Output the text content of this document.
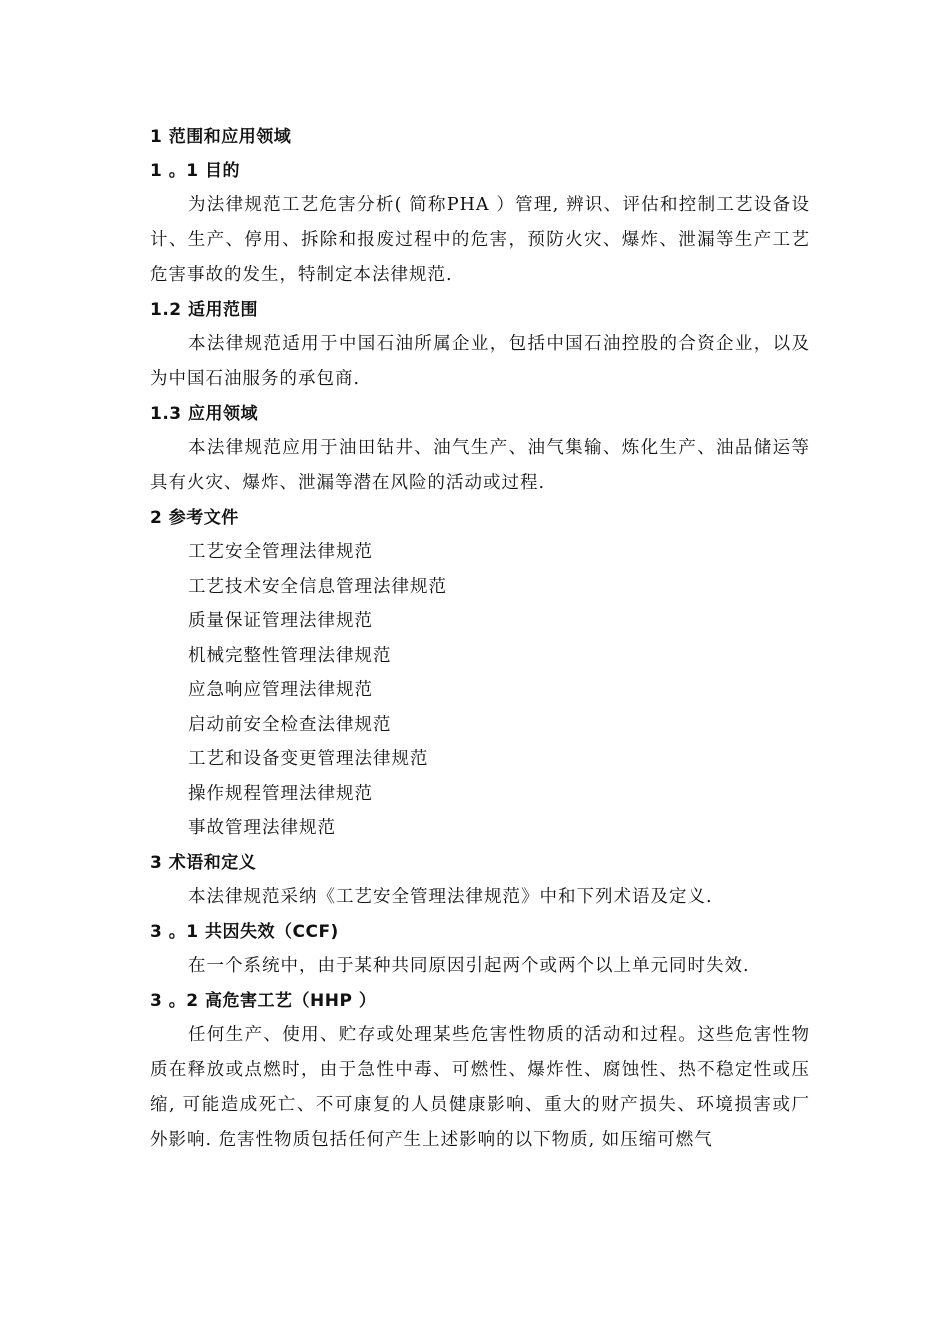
1 范围和应用领域
1 。1 目的
为法律规范工艺危害分析( 简称PHA ）管理, 辨识、评估和控制工艺设备设计、生产、停用、拆除和报废过程中的危害，预防火灾、爆炸、泄漏等生产工艺危害事故的发生，特制定本法律规范.
1.2 适用范围
本法律规范适用于中国石油所属企业，包括中国石油控股的合资企业，以及为中国石油服务的承包商.
1.3 应用领域
本法律规范应用于油田钻井、油气生产、油气集输、炼化生产、油品储运等具有火灾、爆炸、泄漏等潜在风险的活动或过程.
2 参考文件
工艺安全管理法律规范
工艺技术安全信息管理法律规范
质量保证管理法律规范
机械完整性管理法律规范
应急响应管理法律规范
启动前安全检查法律规范
工艺和设备变更管理法律规范
操作规程管理法律规范
事故管理法律规范
3 术语和定义
本法律规范采纳《工艺安全管理法律规范》中和下列术语及定义.
3 。1 共因失效（CCF)
在一个系统中，由于某种共同原因引起两个或两个以上单元同时失效.
3 。2 高危害工艺（HHP ）
任何生产、使用、贮存或处理某些危害性物质的活动和过程。这些危害性物质在释放或点燃时，由于急性中毒、可燃性、爆炸性、腐蚀性、热不稳定性或压缩, 可能造成死亡、不可康复的人员健康影响、重大的财产损失、环境损害或厂外影响. 危害性物质包括任何产生上述影响的以下物质, 如压缩可燃气
